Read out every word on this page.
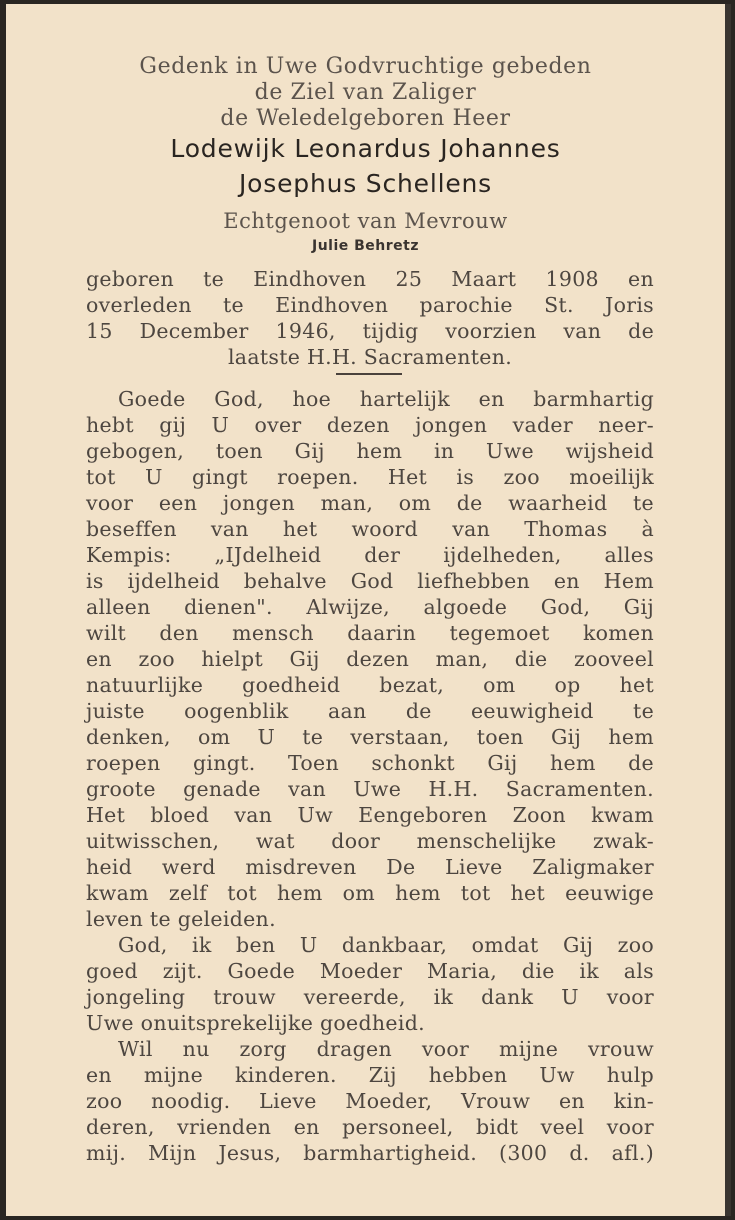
Gedenk in Uwe Godvruchtige gebeden
de Ziel van Zaliger
de Weledelgeboren Heer
Lodewijk Leonardus Johannes
Josephus Schellens
Echtgenoot van Mevrouw
Julie Behretz
geboren te Eindhoven 25 Maart 1908 en
overleden te Eindhoven parochie St. Joris
15 December 1946, tijdig voorzien van de
laatste H.H. Sacramenten.
Goede God, hoe hartelijk en barmhartig
hebt gij U over dezen jongen vader neer-
gebogen, toen Gij hem in Uwe wijsheid
tot U gingt roepen. Het is zoo moeilijk
voor een jongen man, om de waarheid te
beseffen van het woord van Thomas à
Kempis: „IJdelheid der ijdelheden, alles
is ijdelheid behalve God liefhebben en Hem
alleen dienen". Alwijze, algoede God, Gij
wilt den mensch daarin tegemoet komen
en zoo hielpt Gij dezen man, die zooveel
natuurlijke goedheid bezat, om op het
juiste oogenblik aan de eeuwigheid te
denken, om U te verstaan, toen Gij hem
roepen gingt. Toen schonkt Gij hem de
groote genade van Uwe H.H. Sacramenten.
Het bloed van Uw Eengeboren Zoon kwam
uitwisschen, wat door menschelijke zwak-
heid werd misdreven De Lieve Zaligmaker
kwam zelf tot hem om hem tot het eeuwige
leven te geleiden.
God, ik ben U dankbaar, omdat Gij zoo
goed zijt. Goede Moeder Maria, die ik als
jongeling trouw vereerde, ik dank U voor
Uwe onuitsprekelijke goedheid.
Wil nu zorg dragen voor mijne vrouw
en mijne kinderen. Zij hebben Uw hulp
zoo noodig. Lieve Moeder, Vrouw en kin-
deren, vrienden en personeel, bidt veel voor
mij. Mijn Jesus, barmhartigheid. (300 d. afl.)
